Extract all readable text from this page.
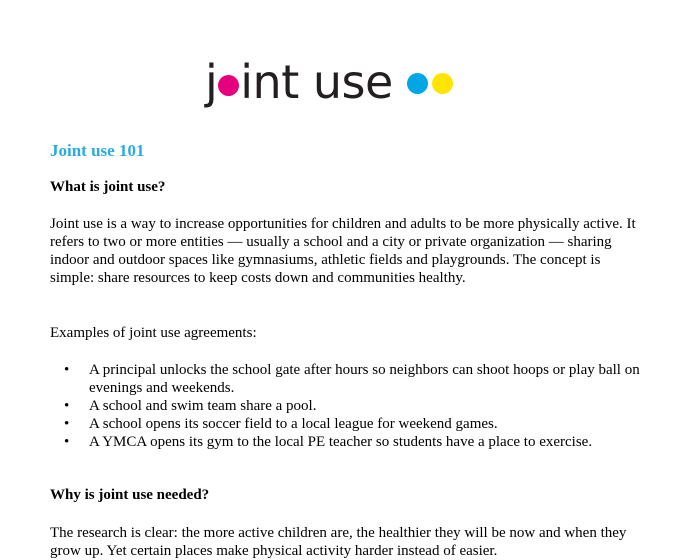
j int use
Joint use 101
What is joint use?

Joint use is a way to increase opportunities for children and adults to be more physically active. It refers to two or more entities — usually a school and a city or private organization — sharing indoor and outdoor spaces like gymnasiums, athletic fields and playgrounds. The concept is simple: share resources to keep costs down and communities healthy.

Examples of joint use agreements:

• A principal unlocks the school gate after hours so neighbors can shoot hoops or play ball on evenings and weekends.
• A school and swim team share a pool.
• A school opens its soccer field to a local league for weekend games.
• A YMCA opens its gym to the local PE teacher so students have a place to exercise.
Why is joint use needed?

The research is clear: the more active children are, the healthier they will be now and when they grow up. Yet certain places make physical activity harder instead of easier.
